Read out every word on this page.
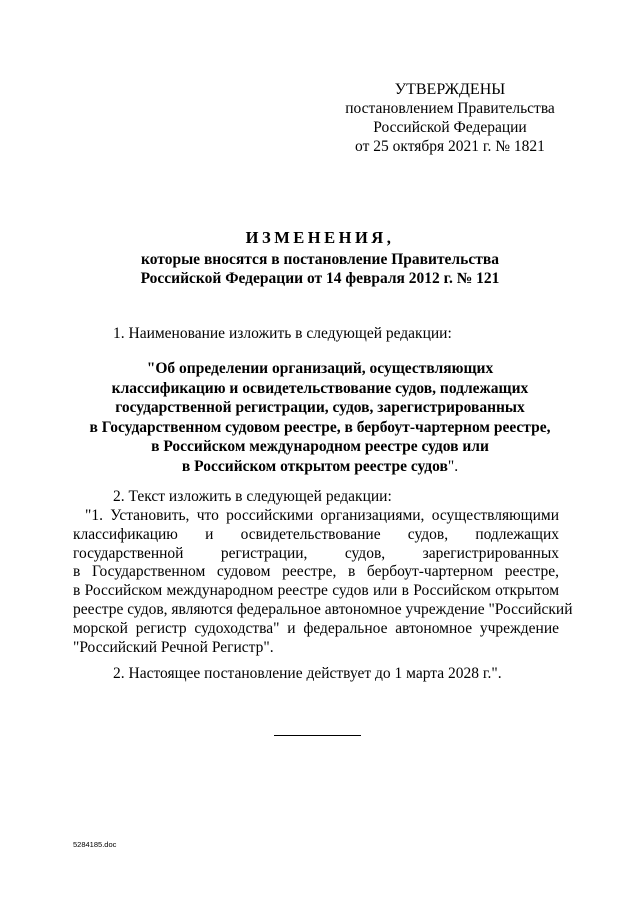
УТВЕРЖДЕНЫ
постановлением Правительства
Российской Федерации
от 25 октября 2021 г. № 1821
ИЗМЕНЕНИЯ,
которые вносятся в постановление Правительства
Российской Федерации от 14 февраля 2012 г. № 121
1. Наименование изложить в следующей редакции:
"Об определении организаций, осуществляющих
классификацию и освидетельствование судов, подлежащих
государственной регистрации, судов, зарегистрированных
в Государственном судовом реестре, в бербоут-чартерном реестре,
в Российском международном реестре судов или
в Российском открытом реестре судов".
2. Текст изложить в следующей редакции:
"1. Установить, что российскими организациями, осуществляющими
классификацию и освидетельствование судов, подлежащих
государственной регистрации, судов, зарегистрированных
в Государственном судовом реестре, в бербоут-чартерном реестре,
в Российском международном реестре судов или в Российском открытом
реестре судов, являются федеральное автономное учреждение "Российский
морской регистр судоходства" и федеральное автономное учреждение
"Российский Речной Регистр".
2. Настоящее постановление действует до 1 марта 2028 г.".
5284185.doc
